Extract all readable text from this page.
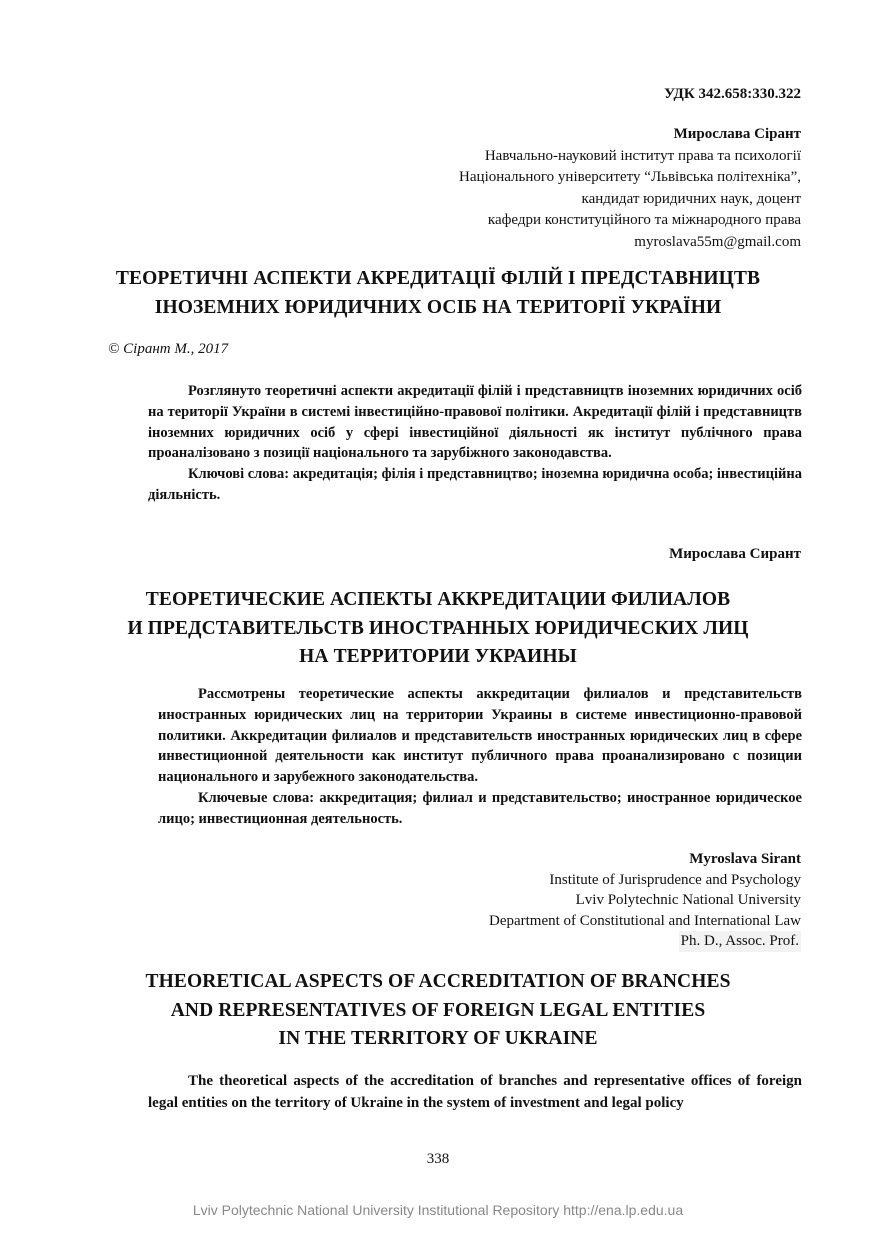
УДК 342.658:330.322
Мирослава Сірант
Навчально-науковий інститут права та психології
Національного університету “Львівська політехніка”,
кандидат юридичних наук, доцент
кафедри конституційного та міжнародного права
myroslava55m@gmail.com
ТЕОРЕТИЧНІ АСПЕКТИ АКРЕДИТАЦІЇ ФІЛІЙ І ПРЕДСТАВНИЦТВ
ІНОЗЕМНИХ ЮРИДИЧНИХ ОСІБ НА ТЕРИТОРІЇ УКРАЇНИ
© Сірант М., 2017

Розглянуто теоретичні аспекти акредитації філій і представництв іноземних юридичних осіб на території України в системі інвестиційно-правової політики. Акредитації філій і представництв іноземних юридичних осіб у сфері інвестиційної діяльності як інститут публічного права проаналізовано з позиції національного та зарубіжного законодавства.

Ключові слова: акредитація; філія і представництво; іноземна юридична особа; інвестиційна діяльність.

Мирослава Сирант
ТЕОРЕТИЧЕСКИЕ АСПЕКТЫ АККРЕДИТАЦИИ ФИЛИАЛОВ
И ПРЕДСТАВИТЕЛЬСТВ ИНОСТРАННЫХ ЮРИДИЧЕСКИХ ЛИЦ
НА ТЕРРИТОРИИ УКРАИНЫ

Рассмотрены теоретические аспекты аккредитации филиалов и представительств иностранных юридических лиц на территории Украины в системе инвестиционно-правовой политики. Аккредитации филиалов и представительств иностранных юридических лиц в сфере инвестиционной деятельности как институт публичного права проанализировано с позиции национального и зарубежного законодательства.

Ключевые слова: аккредитация; филиал и представительство; иностранное юридическое лицо; инвестиционная деятельность.

Myroslava Sirant
Institute of Jurisprudence and Psychology
Lviv Polytechnic National University
Department of Constitutional and International Law
Ph. D., Assoc. Prof.
THEORETICAL ASPECTS OF ACCREDITATION OF BRANCHES
AND REPRESENTATIVES OF FOREIGN LEGAL ENTITIES
IN THE TERRITORY OF UKRAINE

The theoretical aspects of the accreditation of branches and representative offices of foreign legal entities on the territory of Ukraine in the system of investment and legal policy

338
Lviv Polytechnic National University Institutional Repository http://ena.lp.edu.ua
